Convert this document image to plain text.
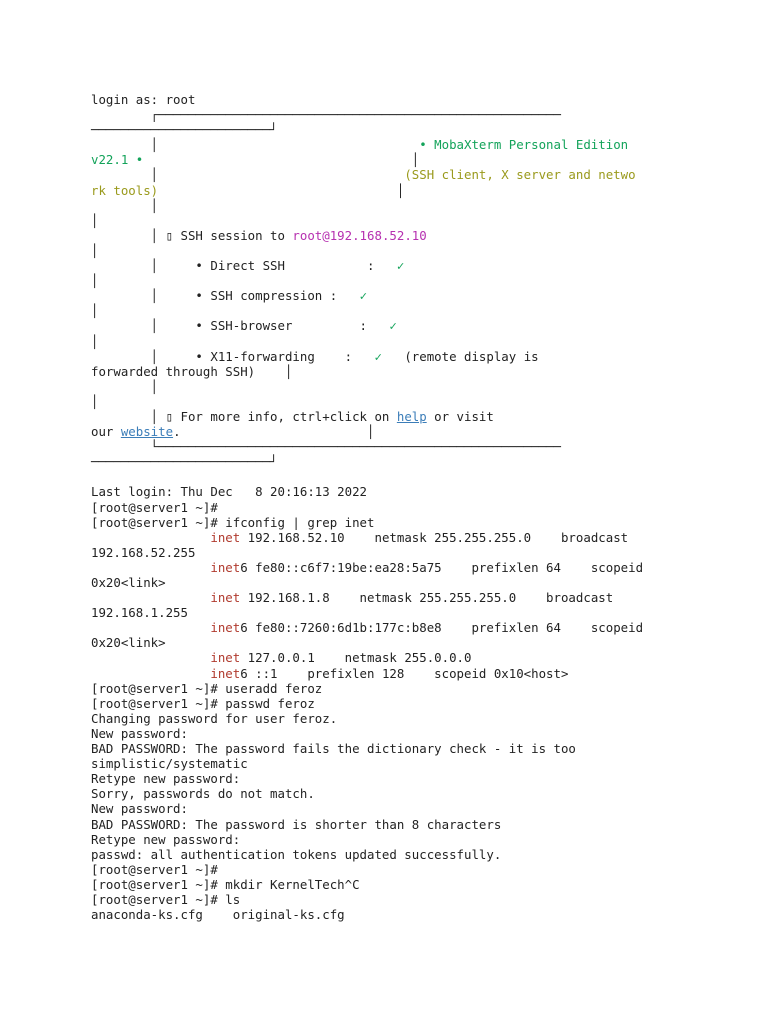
login as: root
┌──────────────────────────────────────────────────────
────────────────────────┘
│                                   • MobaXterm Personal Edition
v22.1 •                                    │
│                                 (SSH client, X server and netwo
rk tools)                                │
│
│
│ ▯ SSH session to root@192.168.52.10
│
│     • Direct SSH           :   ✓
│
│     • SSH compression :   ✓
│
│     • SSH-browser         :   ✓
│
│     • X11-forwarding    :   ✓   (remote display is
forwarded through SSH)    │
│
│
│ ▯ For more info, ctrl+click on help or visit
our website.                         │
└──────────────────────────────────────────────────────
────────────────────────┘
Last login: Thu Dec   8 20:16:13 2022
[root@server1 ~]#
[root@server1 ~]# ifconfig | grep inet
inet 192.168.52.10    netmask 255.255.255.0    broadcast
192.168.52.255
inet6 fe80::c6f7:19be:ea28:5a75    prefixlen 64    scopeid
0x20<link>
inet 192.168.1.8    netmask 255.255.255.0    broadcast
192.168.1.255
inet6 fe80::7260:6d1b:177c:b8e8    prefixlen 64    scopeid
0x20<link>
inet 127.0.0.1    netmask 255.0.0.0
inet6 ::1    prefixlen 128    scopeid 0x10<host>
[root@server1 ~]# useradd feroz
[root@server1 ~]# passwd feroz
Changing password for user feroz.
New password:
BAD PASSWORD: The password fails the dictionary check - it is too
simplistic/systematic
Retype new password:
Sorry, passwords do not match.
New password:
BAD PASSWORD: The password is shorter than 8 characters
Retype new password:
passwd: all authentication tokens updated successfully.
[root@server1 ~]#
[root@server1 ~]# mkdir KernelTech^C
[root@server1 ~]# ls
anaconda-ks.cfg    original-ks.cfg
